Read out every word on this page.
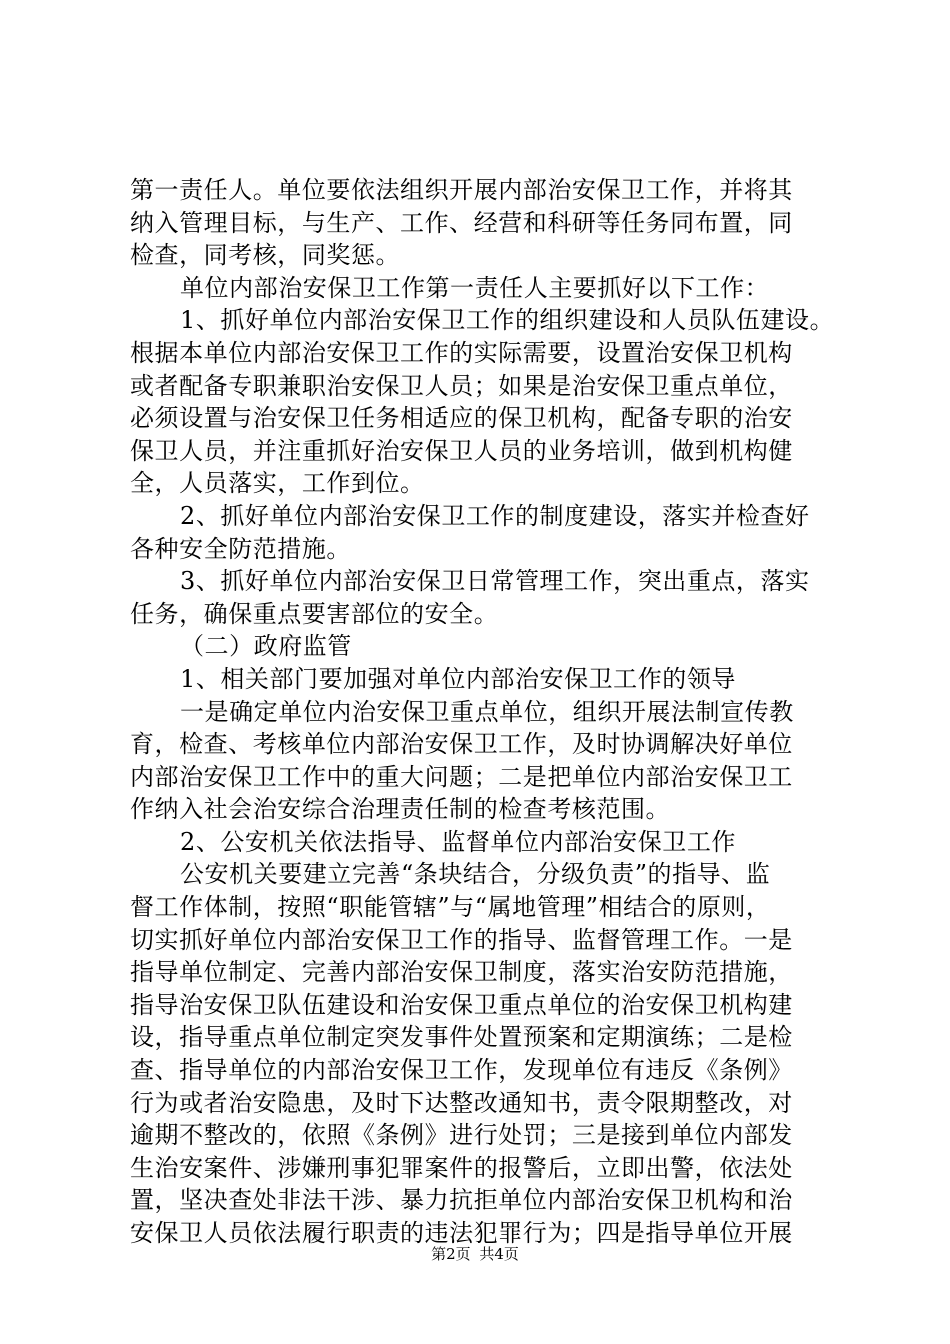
第一责任人。单位要依法组织开展内部治安保卫工作，并将其
纳入管理目标，与生产、工作、经营和科研等任务同布置，同
检查，同考核，同奖惩。
单位内部治安保卫工作第一责任人主要抓好以下工作：
1、抓好单位内部治安保卫工作的组织建设和人员队伍建设。
根据本单位内部治安保卫工作的实际需要，设置治安保卫机构
或者配备专职兼职治安保卫人员；如果是治安保卫重点单位，
必须设置与治安保卫任务相适应的保卫机构，配备专职的治安
保卫人员，并注重抓好治安保卫人员的业务培训，做到机构健
全，人员落实，工作到位。
2、抓好单位内部治安保卫工作的制度建设，落实并检查好
各种安全防范措施。
3、抓好单位内部治安保卫日常管理工作，突出重点，落实
任务，确保重点要害部位的安全。
（二）政府监管
1、相关部门要加强对单位内部治安保卫工作的领导
一是确定单位内治安保卫重点单位，组织开展法制宣传教
育，检查、考核单位内部治安保卫工作，及时协调解决好单位
内部治安保卫工作中的重大问题；二是把单位内部治安保卫工
作纳入社会治安综合治理责任制的检查考核范围。
2、公安机关依法指导、监督单位内部治安保卫工作
公安机关要建立完善“条块结合，分级负责”的指导、监
督工作体制，按照“职能管辖”与“属地管理”相结合的原则，
切实抓好单位内部治安保卫工作的指导、监督管理工作。一是
指导单位制定、完善内部治安保卫制度，落实治安防范措施，
指导治安保卫队伍建设和治安保卫重点单位的治安保卫机构建
设，指导重点单位制定突发事件处置预案和定期演练；二是检
查、指导单位的内部治安保卫工作，发现单位有违反《条例》
行为或者治安隐患，及时下达整改通知书，责令限期整改，对
逾期不整改的，依照《条例》进行处罚；三是接到单位内部发
生治安案件、涉嫌刑事犯罪案件的报警后，立即出警，依法处
置，坚决查处非法干涉、暴力抗拒单位内部治安保卫机构和治
安保卫人员依法履行职责的违法犯罪行为；四是指导单位开展
第2页 共4页
